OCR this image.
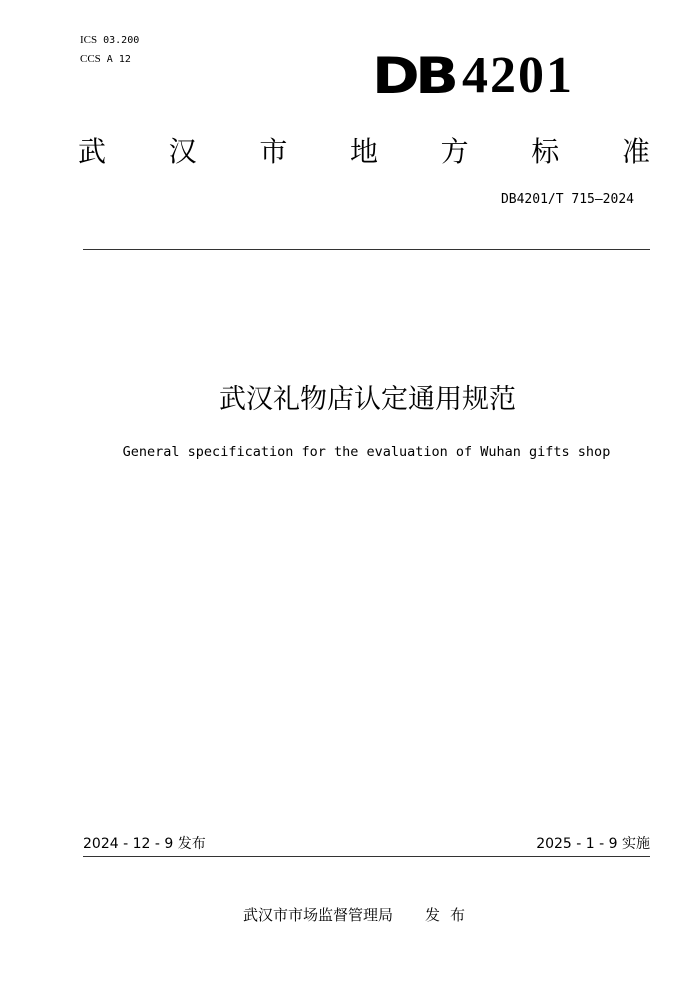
ICS 03.200
CCS A 12	DB 4201
武 汉 市 地 方 标 准
DB4201/T 715—2024
武汉礼物店认定通用规范
General specification for the evaluation of Wuhan gifts shop
2024 - 12 - 9 发布	2025 - 1 - 9 实施
武汉市市场监督管理局 发布
